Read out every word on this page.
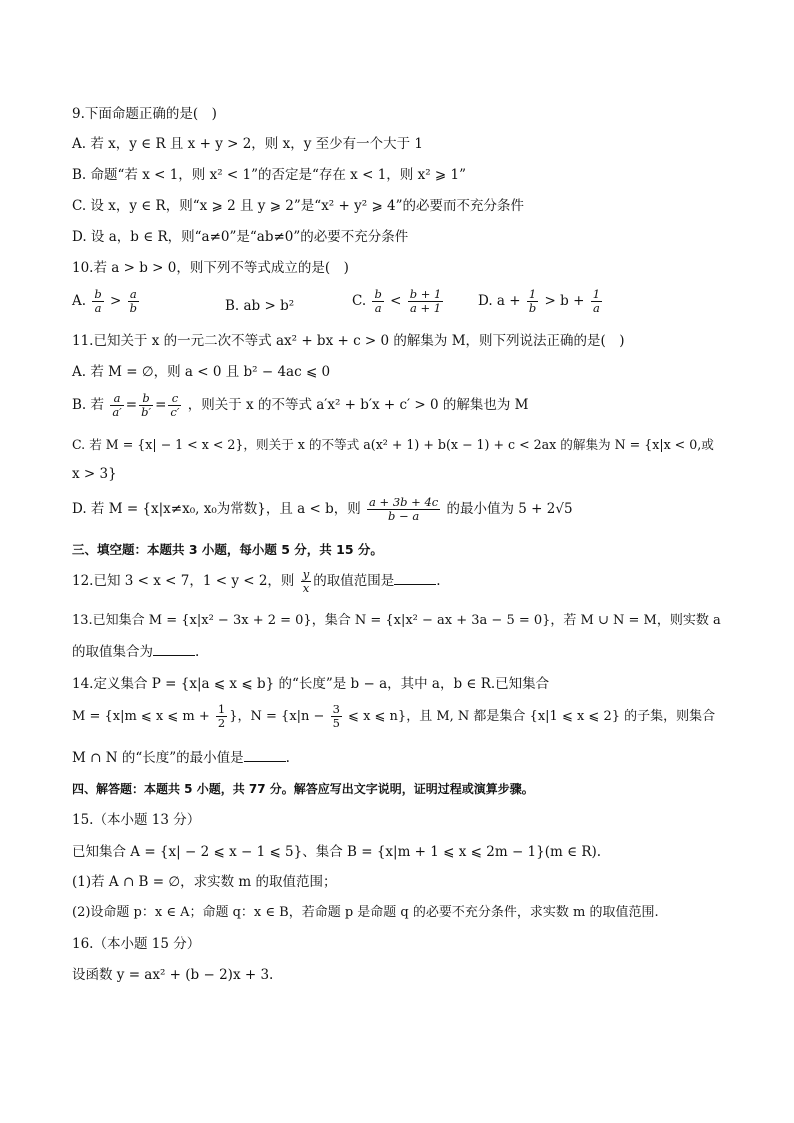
9.下面命题正确的是(　)
A. 若 x，y ∈ R 且 x + y > 2，则 x，y 至少有一个大于 1
B. 命题“若 x < 1，则 x² < 1”的否定是“存在 x < 1，则 x² ⩾ 1”
C. 设 x，y ∈ R，则“x ⩾ 2 且 y ⩾ 2”是“x² + y² ⩾ 4”的必要而不充分条件
D. 设 a，b ∈ R，则“a≠0”是“ab≠0”的必要不充分条件
10.若 a > b > 0，则下列不等式成立的是(　)
A. $\frac{b}{a} > \frac{a}{b}$	B. ab > b²	C. $\frac{b}{a} < \frac{b + 1}{a + 1}$	D. $a + \frac{1}{b} > b + \frac{1}{a}$
11.已知关于 x 的一元二次不等式 ax² + bx + c > 0 的解集为 M，则下列说法正确的是(　)
A. 若 M = ∅，则 a < 0 且 b² − 4ac ⩽ 0
B. 若 $\frac{a}{a'} = \frac{b}{b'} = \frac{c}{c'}$ ，则关于 x 的不等式 a′x² + b′x + c′ > 0 的解集也为 M
C. 若 M = {x| − 1 < x < 2}，则关于 x 的不等式 a(x² + 1) + b(x − 1) + c < 2ax 的解集为 N = {x|x < 0,或
x > 3}
D. 若 M = {x|x≠x₀, x₀为常数}，且 a < b，则 $\frac{a + 3b + 4c}{b - a}$ 的最小值为 5 + 2√5
三、填空题：本题共 3 小题，每小题 5 分，共 15 分。
12.已知 3 < x < 7，1 < y < 2，则 $\frac{y}{x}$ 的取值范围是	.
13.已知集合 M = {x|x² − 3x + 2 = 0}，集合 N = {x|x² − ax + 3a − 5 = 0}，若 M ∪ N = M，则实数 a
的取值集合为	.
14.定义集合 P = {x|a ⩽ x ⩽ b} 的“长度”是 b − a，其中 a，b ∈ R.已知集合
M = {x|m ⩽ x ⩽ $m + \frac{1}{2}$ }，$N = \{x|n - \frac{3}{5}$ ⩽ x ⩽ n}，且 M, N 都是集合 {x|1 ⩽ x ⩽ 2} 的子集，则集合
M ∩ N 的“长度”的最小值是	.
四、解答题：本题共 5 小题，共 77 分。解答应写出文字说明，证明过程或演算步骤。
15.（本小题 13 分）
已知集合 A = {x| − 2 ⩽ x − 1 ⩽ 5}、集合 B = {x|m + 1 ⩽ x ⩽ 2m − 1}(m ∈ R).
(1)若 A ∩ B = ∅，求实数 m 的取值范围；
(2)设命题 p：x ∈ A；命题 q：x ∈ B，若命题 p 是命题 q 的必要不充分条件，求实数 m 的取值范围.
16.（本小题 15 分）
设函数 y = ax² + (b − 2)x + 3.
